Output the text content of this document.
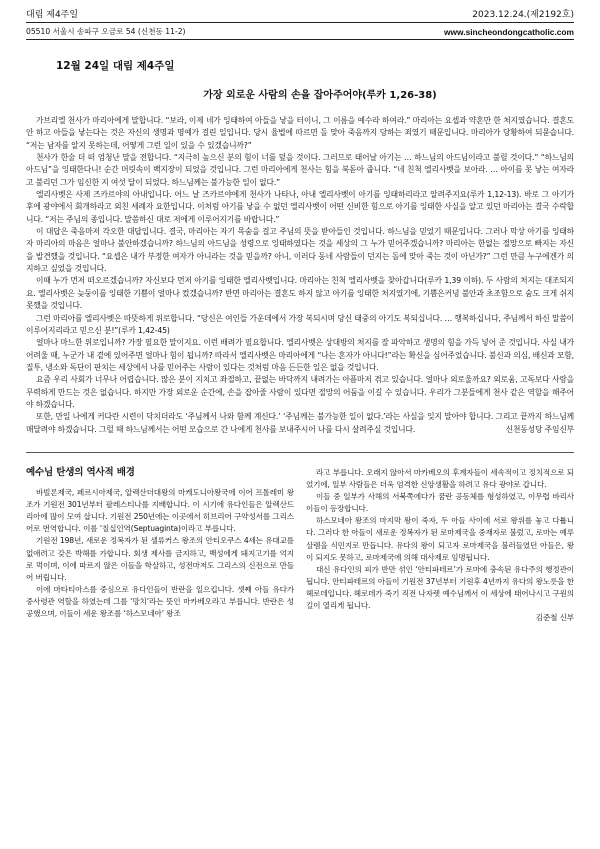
대림 제4주일	2023.12.24.(제2192호)
05510 서울시 송파구 오금로 54 (신천동 11-2)	www.sincheondongcatholic.com
12월 24일 대림 제4주일
가장 외로운 사람의 손을 잡아주어야(루카 1,26-38)

가브리엘 천사가 마리아에게 말합니다. “보라, 이제 네가 잉태하여 아들을 낳을 터이니, 그 이름을 예수라 하여라.” 마리아는 요셉과 약혼만 한 처지였습니다. 결혼도 안 하고 아들을 낳는다는 것은 자신의 생명과 명예가 걸린 일입니다. 당시 율법에 따르면 돌 맞아 죽음까지 당하는 죄였기 때문입니다. 마리아가 당황하여 되묻습니다. “저는 남자를 알지 못하는데, 어떻게 그런 일이 있을 수 있겠습니까?”

천사가 한술 더 떠 엄청난 말을 전합니다. “지극히 높으신 분의 힘이 너를 덮을 것이다. 그러므로 태어날 아기는 … 하느님의 아드님이라고 불릴 것이다.” “하느님의 아드님”을 잉태한다니! 순간 머릿속이 백지장이 되었을 것입니다. 그런 마리아에게 천사는 힘을 북돋아 줍니다. “네 친척 엘리사벳을 보아라. … 아이를 못 낳는 여자라고 불리던 그가 임신한 지 여섯 달이 되었다. 하느님께는 불가능한 일이 없다.”

엘리사벳은 사제 즈카르야의 아내입니다. 어느 날 즈카르야에게 천사가 나타나, 아내 엘리사벳이 아기를 잉태하리라고 알려주지요(루카 1,12-13). 바로 그 아기가 후에 광야에서 회개하라고 외친 세례자 요한입니다. 이처럼 아기를 낳을 수 없던 엘리사벳이 어떤 신비한 힘으로 아기를 잉태한 사실을 알고 있던 마리아는 결국 수락합니다. “저는 주님의 종입니다. 말씀하신 대로 저에게 이루어지기를 바랍니다.”

이 대답은 죽음마저 각오한 대답입니다. 결국, 마리아는 자기 목숨을 걸고 주님의 뜻을 받아들인 것입니다. 하느님을 믿었기 때문입니다. 그러나 막상 아기를 잉태하자 마리아의 마음은 얼마나 불안하겠습니까? 하느님의 아드님을 성령으로 잉태하였다는 것을 세상의 그 누가 믿어주겠습니까? 마리아는 한없는 절망으로 빠지는 자신을 발견했을 것입니다. “요셉은 내가 부정한 여자가 아니라는 것을 믿을까? 아니, 이러다 동네 사람들이 던지는 돌에 맞아 죽는 것이 아닌가?” 그런 만큼 누구에겐가 의지하고 싶었을 것입니다.

이때 누가 먼저 떠오르겠습니까? 자신보다 먼저 아기를 잉태한 엘리사벳입니다. 마리아는 친척 엘리사벳을 찾아갑니다(루카 1,39 이하). 두 사람의 처지는 대조되지요. 엘리사벳은 늦둥이를 잉태한 기쁨이 얼마나 컸겠습니까? 반면 마리아는 결혼도 하지 않고 아기를 잉태한 처지였기에, 기쁨은커녕 불안과 초조함으로 숨도 크게 쉬지 못했을 것입니다.

그런 마리아를 엘리사벳은 따뜻하게 위로합니다. “당신은 여인들 가운데에서 가장 복되시며 당신 태중의 아기도 복되십니다. … 행복하십니다, 주님께서 하신 말씀이 이루어지리라고 믿으신 분!”(루카 1,42-45)

얼마나 마느한 위로입니까? 가장 필요한 말이지요. 이런 배려가 필요합니다. 엘리사벳은 상대방의 처지를 잘 파악하고 생명의 힘을 가득 넣어 준 것입니다. 사실 내가 어려울 때, 누군가 내 곁에 있어주면 얼마나 힘이 됩니까? 따라서 엘리사벳은 마리아에게 “나는 혼자가 아니다!”라는 확신을 심어주었습니다. 불신과 의심, 배신과 모함, 질투, 냉소와 독단이 판치는 세상에서 나를 믿어주는 사람이 있다는 것처럼 마음 든든한 일은 없을 것입니다.

요즘 우리 사회가 너무나 어렵습니다. 많은 분이 지치고 좌절하고, 끝없는 바닥까지 내려가는 아픔마저 겪고 있습니다. 얼마나 외로울까요? 외로움, 고독보다 사람을 무력하게 만드는 것은 없습니다. 하지만 가장 외로운 순간에, 손을 잡아줄 사람이 있다면 절망의 어둠을 이길 수 있습니다. 우리가 그분들에게 천사 같은 역할을 해주어야 하겠습니다.

또한, 만일 나에게 커다란 시련이 닥치더라도 ‘주님께서 나와 함께 계신다.’ ‘주님께는 불가능한 일이 없다.’라는 사실을 잊지 말아야 합니다. 그리고 끝까지 하느님께 매달려야 하겠습니다. 그럴 때 하느님께서는 어떤 모습으로 간 나에게 천사를 보내주시어 나를 다시 살려주실 것입니다.	신천동성당 주임신부

예수님 탄생의 역사적 배경

바빌론제국, 페르시아제국, 알렉산더대왕의 마케도니아왕국에 이어 프톨레미 왕조가 기원전 301년부터 팔레스티나를 지배합니다. 이 시기에 유다인들은 알렉산드리아에 많이 모여 삽니다. 기원전 250년에는 이곳에서 히브리어 구약성서를 그리스어로 번역합니다. 이를 ‘칠십인역(Septuaginta)이라고 부릅니다.

기원전 198년, 새로운 정복자가 된 셀류커스 왕조의 안티오쿠스 4세는 유대교를 없애려고 갖은 박해를 가합니다. 회생 제사를 금지하고, 백성에게 돼지고기를 억지로 먹이며, 이에 따르지 않은 이들을 학살하고, 성전마저도 그리스의 신전으로 만들어 버립니다.

이에 마타티아스를 중심으로 유다인들이 반란을 일으킵니다. 셋째 아들 유다가 중사령관 역할을 하였는데 그를 ‘망치’라는 뜻인 마카베오라고 부릅니다. 반란은 성공했으며, 이들이 세운 왕조를 ‘하스모네아’ 왕조

라고 부릅니다. 오래지 않아서 마카베오의 후계자들이 세속적이고 정치적으로 되었기에, 일부 사람들은 더욱 엄격한 신앙생활을 하려고 유다 광야로 갑니다.

이들 중 일부가 사해의 서북쪽에다가 꿈란 공동체를 형성하였고, 이무렵 바리사이들이 등장합니다.

하스모네아 왕조의 마지막 왕이 죽자, 두 아들 사이에 서로 왕위를 놓고 다툽니다. 그러다 한 아들이 새로운 정복자가 된 로마제국을 중재자로 불렀고, 로마는 예루살렘을 식민지로 만듭니다. 유다의 왕이 되고자 로마제국을 불러들였던 아들은, 왕이 되지도 못하고, 로마제국에 의해 대사제로 임명됩니다.

대신 유다인의 피가 반만 섞인 ‘안티파테르’가 로마에 충속된 유다주의 행정관이 됩니다. 안티파테르의 아들이 기원전 37년부터 기원후 4년까지 유다의 왕노릇을 한 헤로데입니다. 헤로데가 죽기 직전 나자렛 예수님께서 이 세상에 태어나시고 구원의 길이 열리게 됩니다.

김준철 신부
